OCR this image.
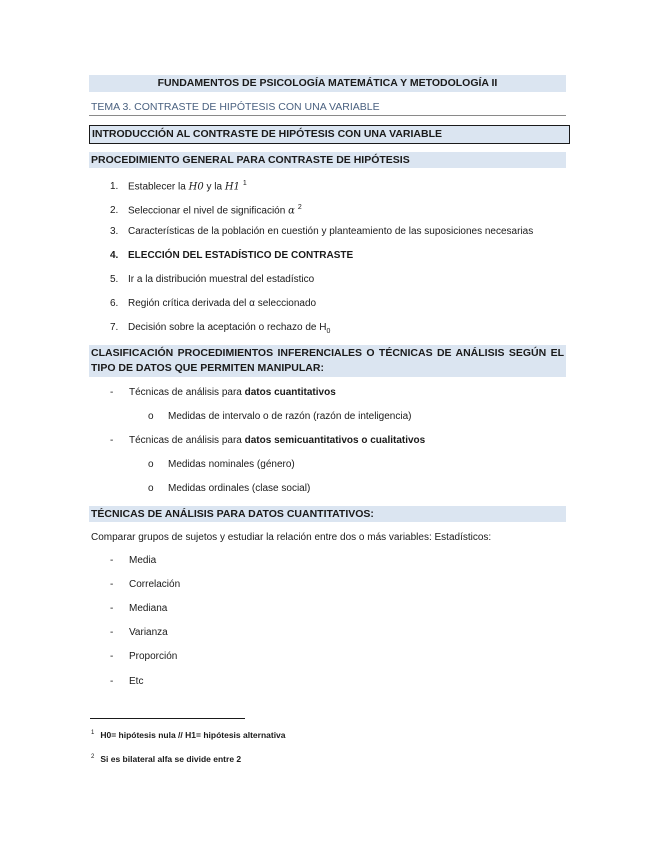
FUNDAMENTOS DE PSICOLOGÍA MATEMÁTICA Y METODOLOGÍA II
TEMA 3. CONTRASTE DE HIPÓTESIS CON UNA VARIABLE
INTRODUCCIÓN AL CONTRASTE DE HIPÓTESIS CON UNA VARIABLE
PROCEDIMIENTO GENERAL PARA CONTRASTE DE HIPÓTESIS
1. Establecer la H0 y la H1 $^1$
2. Seleccionar el nivel de significación α $^2$
3. Características de la población en cuestión y planteamiento de las suposiciones necesarias
4. ELECCIÓN DEL ESTADÍSTICO DE CONTRASTE
5. Ir a la distribución muestral del estadístico
6. Región crítica derivada del α seleccionado
7. Decisión sobre la aceptación o rechazo de $H_0$
CLASIFICACIÓN PROCEDIMIENTOS INFERENCIALES O TÉCNICAS DE ANÁLISIS SEGÚN EL TIPO DE DATOS QUE PERMITEN MANIPULAR:
- Técnicas de análisis para datos cuantitativos
o Medidas de intervalo o de razón (razón de inteligencia)
- Técnicas de análisis para datos semicuantitativos o cualitativos
o Medidas nominales (género)
o Medidas ordinales (clase social)
TÉCNICAS DE ANÁLISIS PARA DATOS CUANTITATIVOS:
Comparar grupos de sujetos y estudiar la relación entre dos o más variables: Estadísticos:
- Media
- Correlación
- Mediana
- Varianza
- Proporción
- Etc
$^1$ H0= hipótesis nula // H1= hipótesis alternativa
$^2$ Si es bilateral alfa se divide entre 2
